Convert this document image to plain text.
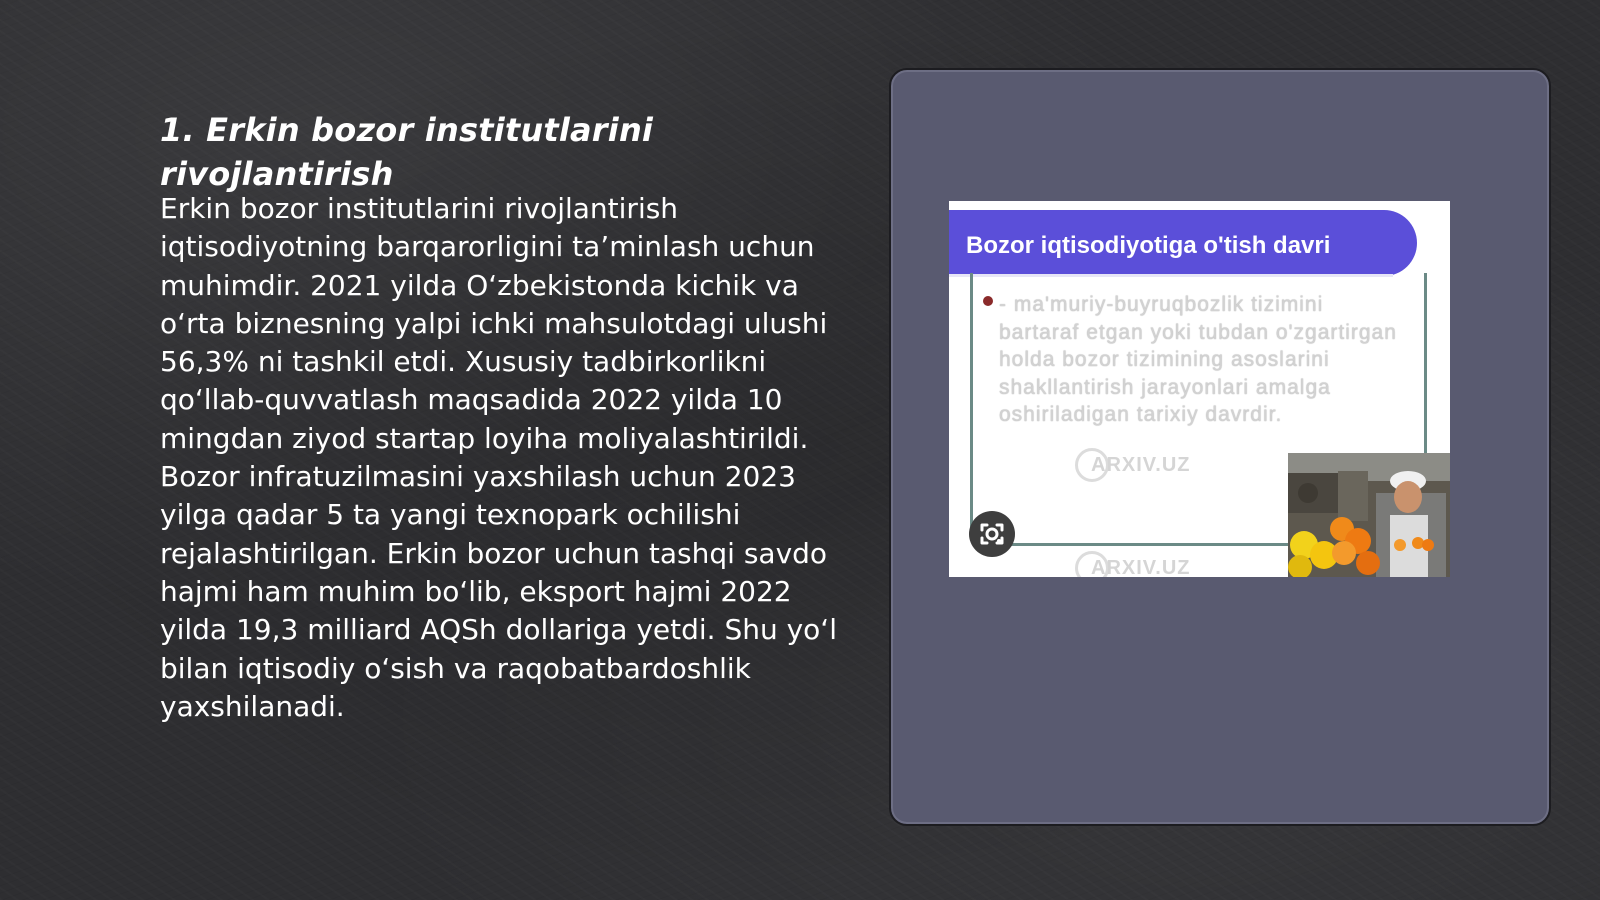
1. Erkin bozor institutlarini rivojlantirish

Erkin bozor institutlarini rivojlantirish iqtisodiyotning barqarorligini ta’minlash uchun muhimdir. 2021 yilda O‘zbekistonda kichik va o‘rta biznesning yalpi ichki mahsulotdagi ulushi 56,3% ni tashkil etdi. Xususiy tadbirkorlikni qo‘llab-quvvatlash maqsadida 2022 yilda 10 mingdan ziyod startap loyiha moliyalashtirildi. Bozor infratuzilmasini yaxshilash uchun 2023 yilga qadar 5 ta yangi texnopark ochilishi rejalashtirilgan. Erkin bozor uchun tashqi savdo hajmi ham muhim bo‘lib, eksport hajmi 2022 yilda 19,3 milliard AQSh dollariga yetdi. Shu yo‘l bilan iqtisodiy o‘sish va raqobatbardoshlik yaxshilanadi.

Bozor iqtisodiyotiga o'tish davri
- ma'muriy-buyruqbozlik tizimini bartaraf etgan yoki tubdan o'zgartirgan holda bozor tizimining asoslarini shakllantirish jarayonlari amalga oshiriladigan tarixiy davrdir.
ARXIV.UZ
ARXIV.UZ
